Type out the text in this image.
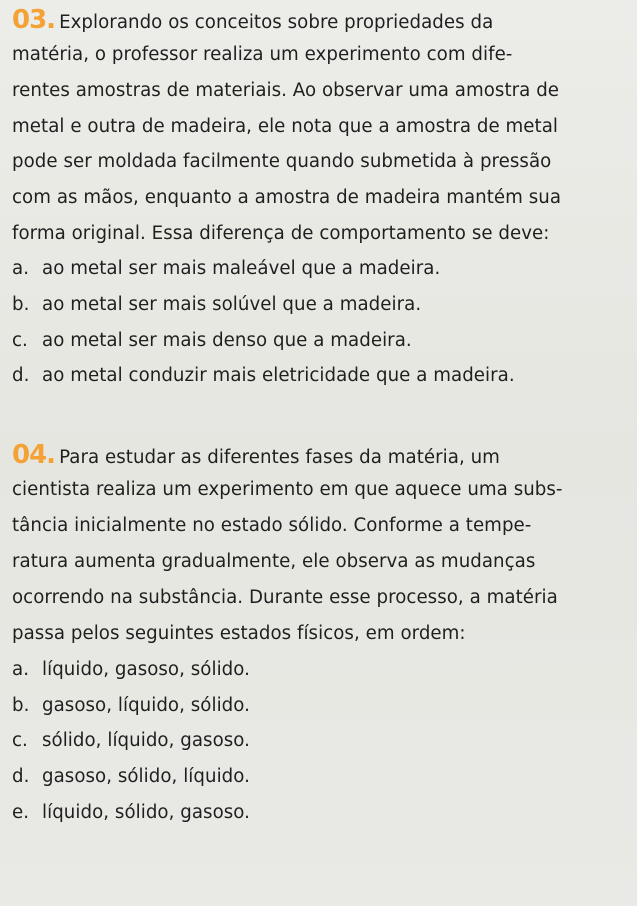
03. Explorando os conceitos sobre propriedades da
matéria, o professor realiza um experimento com dife-
rentes amostras de materiais. Ao observar uma amostra de
metal e outra de madeira, ele nota que a amostra de metal
pode ser moldada facilmente quando submetida à pressão
com as mãos, enquanto a amostra de madeira mantém sua
forma original. Essa diferença de comportamento se deve:
a. ao metal ser mais maleável que a madeira.
b. ao metal ser mais solúvel que a madeira.
c. ao metal ser mais denso que a madeira.
d. ao metal conduzir mais eletricidade que a madeira.
04. Para estudar as diferentes fases da matéria, um
cientista realiza um experimento em que aquece uma subs-
tância inicialmente no estado sólido. Conforme a tempe-
ratura aumenta gradualmente, ele observa as mudanças
ocorrendo na substância. Durante esse processo, a matéria
passa pelos seguintes estados físicos, em ordem:
a. líquido, gasoso, sólido.
b. gasoso, líquido, sólido.
c. sólido, líquido, gasoso.
d. gasoso, sólido, líquido.
e. líquido, sólido, gasoso.
